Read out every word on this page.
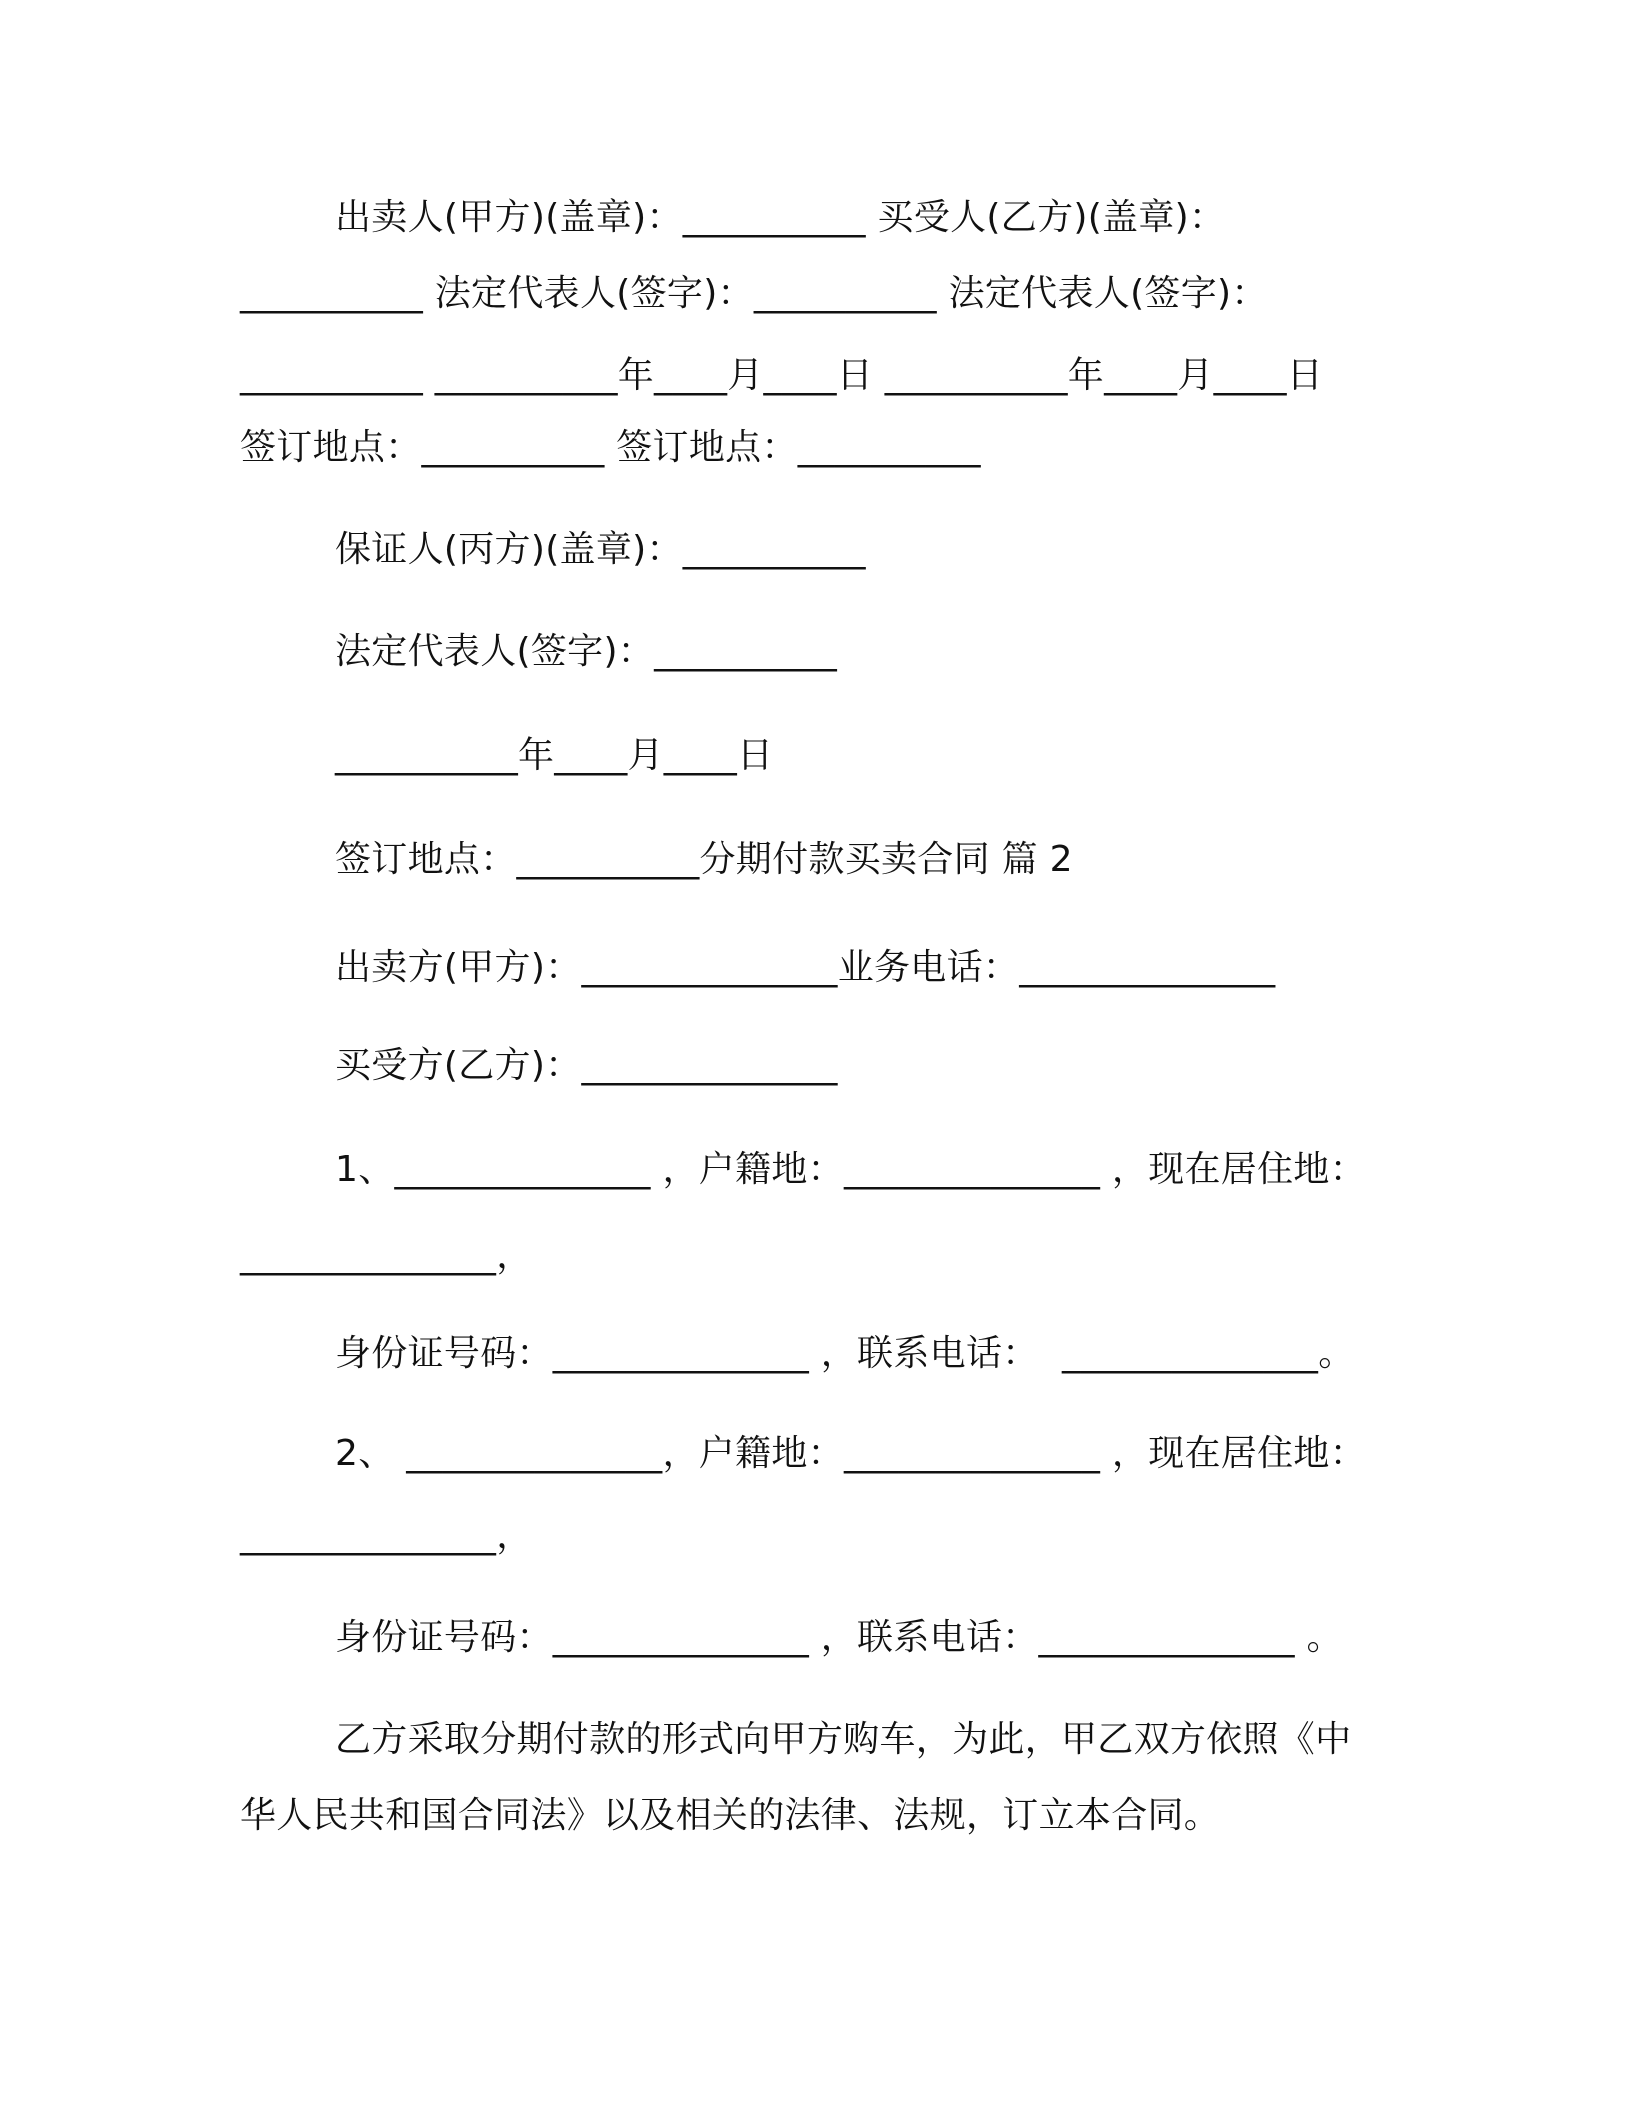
出卖人(甲方)(盖章)：__________ 买受人(乙方)(盖章)：
__________ 法定代表人(签字)：__________ 法定代表人(签字)：
__________ __________年____月____日 __________年____月____日
签订地点：__________ 签订地点：__________
保证人(丙方)(盖章)：__________
法定代表人(签字)：__________
__________年____月____日
签订地点：__________分期付款买卖合同 篇 2
出卖方(甲方)：______________业务电话：______________
买受方(乙方)：______________
1、______________ ，户籍地：______________ ，现在居住地：
______________，
身份证号码：______________ ，联系电话：  ______________。
2、 ______________，户籍地：______________ ，现在居住地：
______________，
身份证号码：______________ ，联系电话：______________ 。
乙方采取分期付款的形式向甲方购车，为此，甲乙双方依照《中
华人民共和国合同法》以及相关的法律、法规，订立本合同。
